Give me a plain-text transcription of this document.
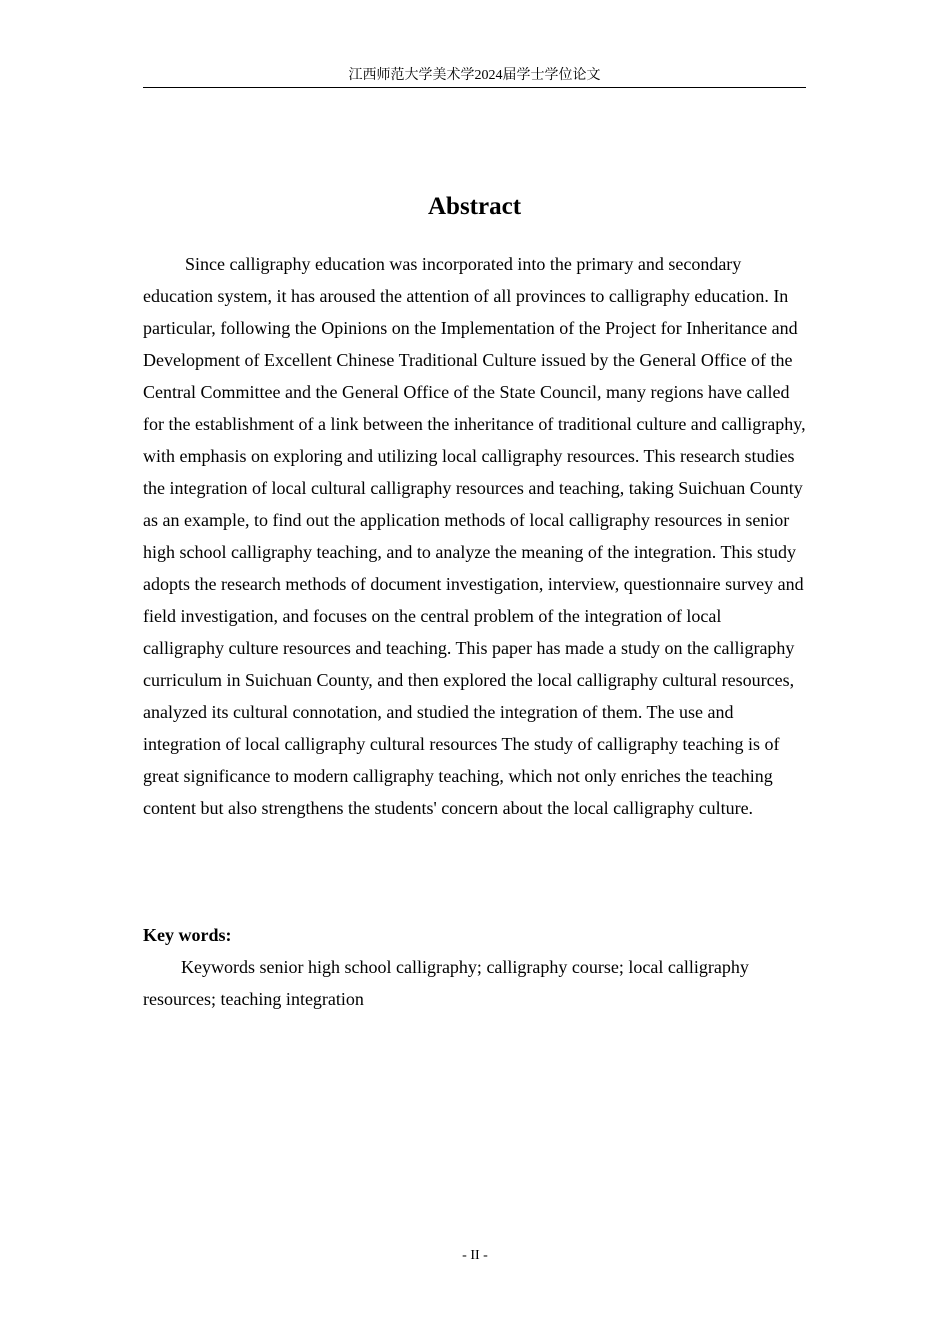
江西师范大学美术学2024届学士学位论文
Abstract

Since calligraphy education was incorporated into the primary and secondary education system, it has aroused the attention of all provinces to calligraphy education. In particular, following the Opinions on the Implementation of the Project for Inheritance and Development of Excellent Chinese Traditional Culture issued by the General Office of the Central Committee and the General Office of the State Council, many regions have called for the establishment of a link between the inheritance of traditional culture and calligraphy, with emphasis on exploring and utilizing local calligraphy resources. This research studies the integration of local cultural calligraphy resources and teaching, taking Suichuan County as an example, to find out the application methods of local calligraphy resources in senior high school calligraphy teaching, and to analyze the meaning of the integration. This study adopts the research methods of document investigation, interview, questionnaire survey and field investigation, and focuses on the central problem of the integration of local calligraphy culture resources and teaching. This paper has made a study on the calligraphy curriculum in Suichuan County, and then explored the local calligraphy cultural resources, analyzed its cultural connotation, and studied the integration of them. The use and integration of local calligraphy cultural resources The study of calligraphy teaching is of great significance to modern calligraphy teaching, which not only enriches the teaching content but also strengthens the students' concern about the local calligraphy culture.

Key words:

Keywords senior high school calligraphy; calligraphy course; local calligraphy resources; teaching integration

- II -
